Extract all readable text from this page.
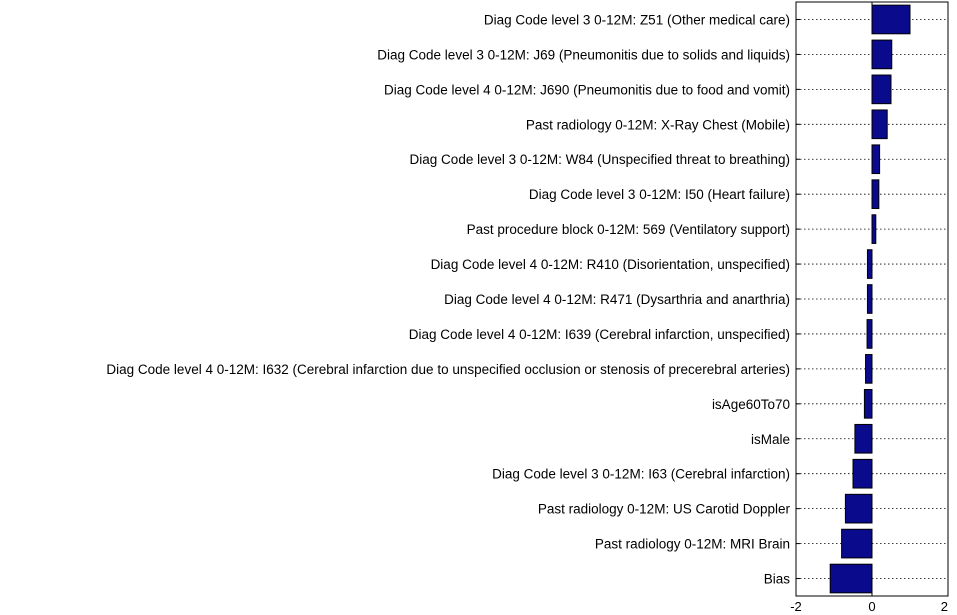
Diag Code level 3 0-12M: Z51 (Other medical care)
Diag Code level 3 0-12M: J69 (Pneumonitis due to solids and liquids)
Diag Code level 4 0-12M: J690 (Pneumonitis due to food and vomit)
Past radiology 0-12M: X-Ray Chest (Mobile)
Diag Code level 3 0-12M: W84 (Unspecified threat to breathing)
Diag Code level 3 0-12M: I50 (Heart failure)
Past procedure block 0-12M: 569 (Ventilatory support)
Diag Code level 4 0-12M: R410 (Disorientation, unspecified)
Diag Code level 4 0-12M: R471 (Dysarthria and anarthria)
Diag Code level 4 0-12M: I639 (Cerebral infarction, unspecified)
Diag Code level 4 0-12M: I632 (Cerebral infarction due to unspecified occlusion or stenosis of precerebral arteries)
isAge60To70
isMale
Diag Code level 3 0-12M: I63 (Cerebral infarction)
Past radiology 0-12M: US Carotid Doppler
Past radiology 0-12M: MRI Brain
Bias
-2	0	2
